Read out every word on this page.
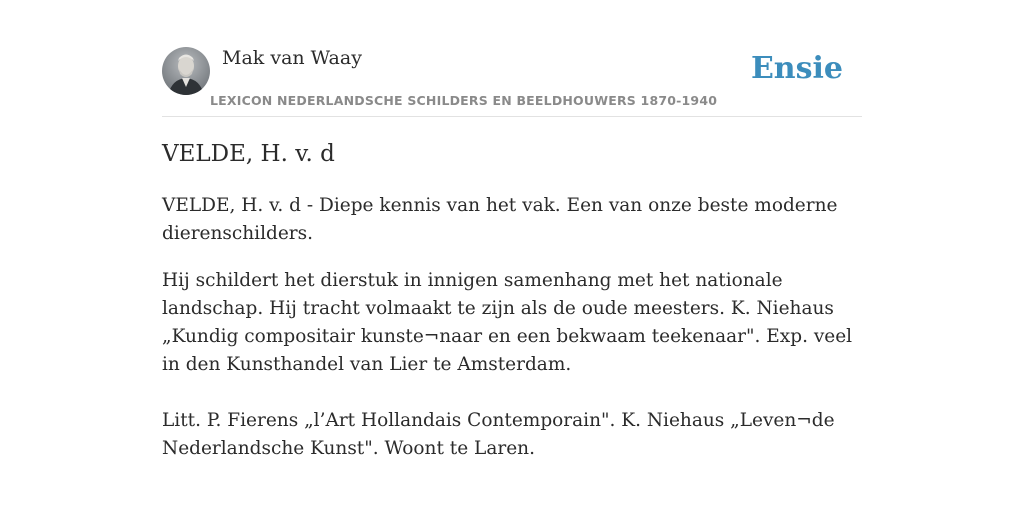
Mak van Waay
LEXICON NEDERLANDSCHE SCHILDERS EN BEELDHOUWERS 1870-1940
Ensie
VELDE, H. v. d

VELDE, H. v. d - Diepe kennis van het vak. Een van onze beste moderne dierenschilders.

Hij schildert het dierstuk in innigen samenhang met het nationale landschap. Hij tracht volmaakt te zijn als de oude meesters. K. Niehaus „Kundig compositair kunste¬naar en een bekwaam teekenaar". Exp. veel in den Kunsthandel van Lier te Amsterdam.

Litt. P. Fierens „l’Art Hollandais Contemporain". K. Niehaus „Leven¬de Nederlandsche Kunst". Woont te Laren.
